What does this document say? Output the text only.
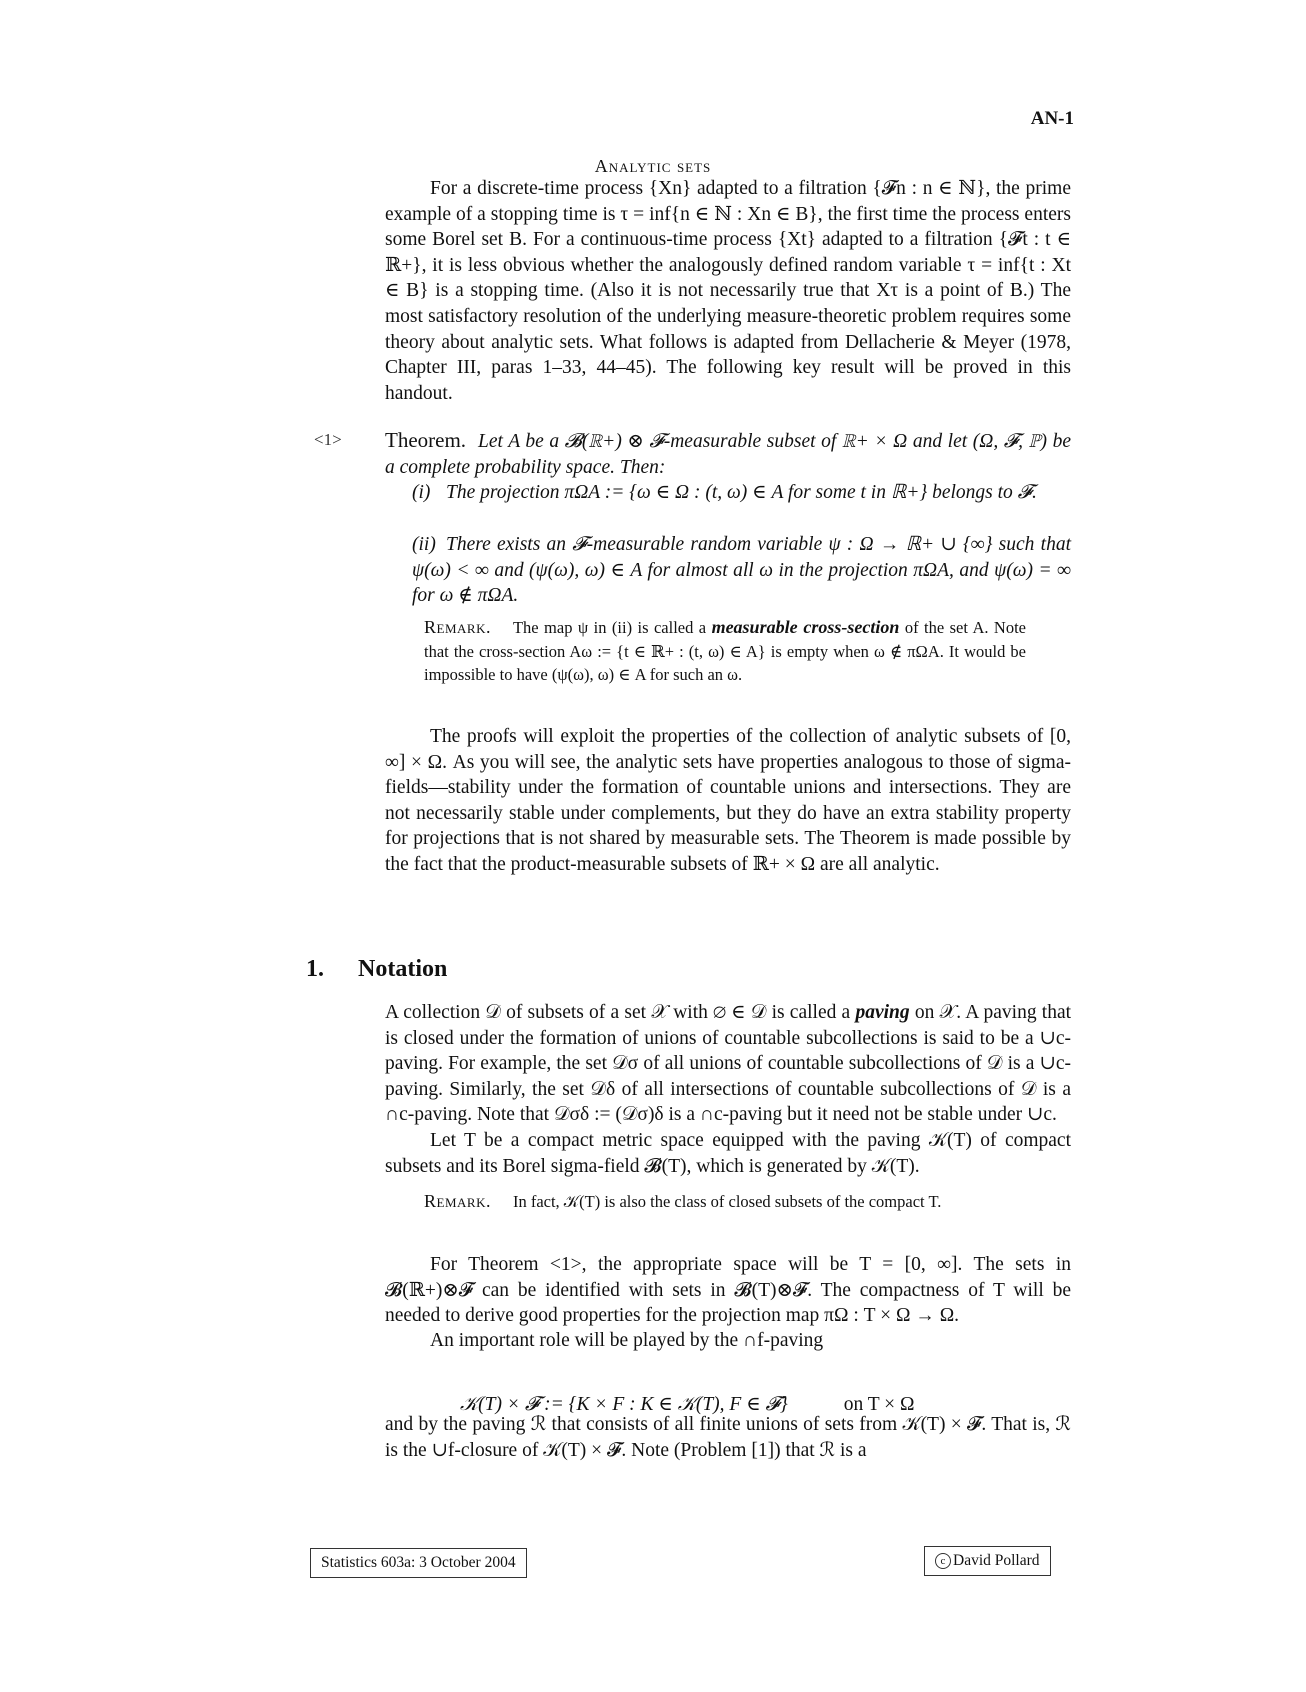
AN-1
Analytic sets
For a discrete-time process {Xn} adapted to a filtration {𝓕n : n ∈ ℕ}, the prime example of a stopping time is τ = inf{n ∈ ℕ : Xn ∈ B}, the first time the process enters some Borel set B. For a continuous-time process {Xt} adapted to a filtration {𝓕t : t ∈ ℝ+}, it is less obvious whether the analogously defined random variable τ = inf{t : Xt ∈ B} is a stopping time. (Also it is not necessarily true that Xτ is a point of B.) The most satisfactory resolution of the underlying measure-theoretic problem requires some theory about analytic sets. What follows is adapted from Dellacherie & Meyer (1978, Chapter III, paras 1–33, 44–45). The following key result will be proved in this handout.
<1> Theorem. Let A be a 𝓑(ℝ+) ⊗ 𝓕-measurable subset of ℝ+ × Ω and let (Ω, 𝓕, ℙ) be a complete probability space. Then:
(i) The projection πΩA := {ω ∈ Ω : (t, ω) ∈ A for some t in ℝ+} belongs to 𝓕.
(ii) There exists an 𝓕-measurable random variable ψ : Ω → ℝ+ ∪ {∞} such that ψ(ω) < ∞ and (ψ(ω), ω) ∈ A for almost all ω in the projection πΩA, and ψ(ω) = ∞ for ω ∉ πΩA.
Remark. The map ψ in (ii) is called a measurable cross-section of the set A. Note that the cross-section Aω := {t ∈ ℝ+ : (t, ω) ∈ A} is empty when ω ∉ πΩA. It would be impossible to have (ψ(ω), ω) ∈ A for such an ω.
The proofs will exploit the properties of the collection of analytic subsets of [0, ∞] × Ω. As you will see, the analytic sets have properties analogous to those of sigma-fields—stability under the formation of countable unions and intersections. They are not necessarily stable under complements, but they do have an extra stability property for projections that is not shared by measurable sets. The Theorem is made possible by the fact that the product-measurable subsets of ℝ+ × Ω are all analytic.
1. Notation
A collection 𝒟 of subsets of a set 𝒳 with ∅ ∈ 𝒟 is called a paving on 𝒳. A paving that is closed under the formation of unions of countable subcollections is said to be a ∪c-paving. For example, the set 𝒟σ of all unions of countable subcollections of 𝒟 is a ∪c-paving. Similarly, the set 𝒟δ of all intersections of countable subcollections of 𝒟 is a ∩c-paving. Note that 𝒟σδ := (𝒟σ)δ is a ∩c-paving but it need not be stable under ∪c.
Let T be a compact metric space equipped with the paving 𝒦(T) of compact subsets and its Borel sigma-field 𝓑(T), which is generated by 𝒦(T).
Remark. In fact, 𝒦(T) is also the class of closed subsets of the compact T.
For Theorem <1>, the appropriate space will be T = [0, ∞]. The sets in 𝓑(ℝ+)⊗𝓕 can be identified with sets in 𝓑(T)⊗𝓕. The compactness of T will be needed to derive good properties for the projection map πΩ : T × Ω → Ω.
An important role will be played by the ∩f-paving
𝒦(T) × 𝓕 := {K × F : K ∈ 𝒦(T), F ∈ 𝓕}	on T × Ω
and by the paving ℛ that consists of all finite unions of sets from 𝒦(T) × 𝓕. That is, ℛ is the ∪f-closure of 𝒦(T) × 𝓕. Note (Problem [1]) that ℛ is a
Statistics 603a: 3 October 2004	c David Pollard
